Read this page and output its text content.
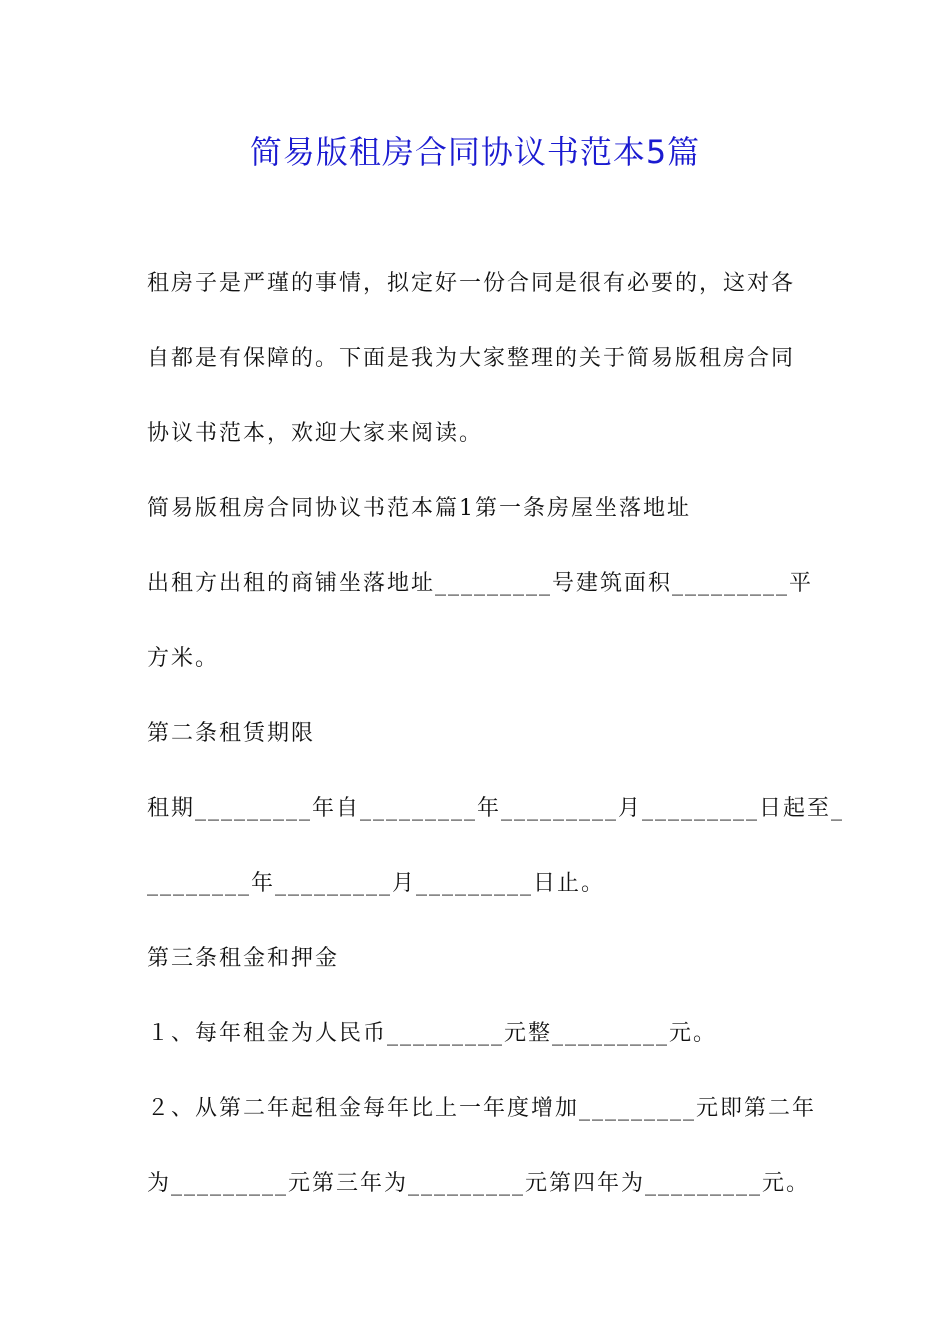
简易版租房合同协议书范本5篇

租房子是严瑾的事情，拟定好一份合同是很有必要的，这对各

自都是有保障的。下面是我为大家整理的关于简易版租房合同

协议书范本，欢迎大家来阅读。

简易版租房合同协议书范本篇1第一条房屋坐落地址

出租方出租的商铺坐落地址_________号建筑面积_________平

方米。

第二条租赁期限

租期_________年自_________年_________月_________日起至_

________年_________月_________日止。

第三条租金和押金

１、每年租金为人民币_________元整_________元。

２、从第二年起租金每年比上一年度增加_________元即第二年

为_________元第三年为_________元第四年为_________元。
